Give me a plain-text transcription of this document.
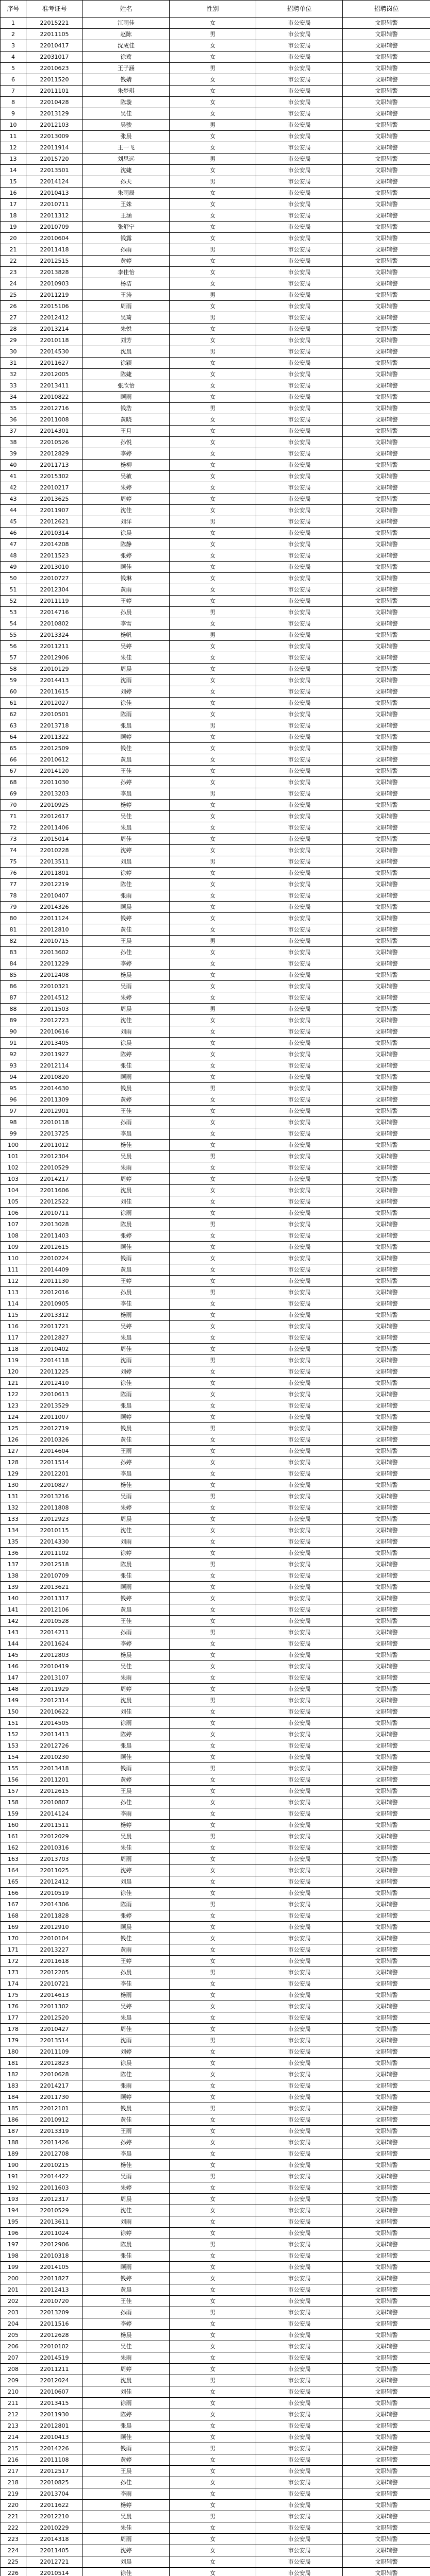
序号	准考证号	姓名	性别	招聘单位	招聘岗位
1	22015221	江雨佳	女	市公安局	文职辅警
2	22011105	赵陈	男	市公安局	文职辅警
3	22010417	沈成佳	女	市公安局	文职辅警
4	22031017	徐莺	女	市公安局	文职辅警
5	22010623	王子涵	男	市公安局	文职辅警
6	22011520	钱婧	女	市公安局	文职辅警
7	22011101	朱梦琪	女	市公安局	文职辅警
8	22010428	陈璇	女	市公安局	文职辅警
9	22013129	吴佳	女	市公安局	文职辅警
10	22012103	吴骏	男	市公安局	文职辅警
11	22013009	张晨	女	市公安局	文职辅警
12	22011914	王一飞	女	市公安局	文职辅警
13	22015720	刘思远	男	市公安局	文职辅警
14	22013501	沈婕	女	市公安局	文职辅警
15	22014124	孙天	男	市公安局	文职辅警
16	22010413	朱雨辰	女	市公安局	文职辅警
17	22010711	王姝	女	市公安局	文职辅警
18	22011312	王涵	女	市公安局	文职辅警
19	22010709	张舒宁	女	市公安局	文职辅警
20	22010604	钱露	女	市公安局	文职辅警
21	22011418	孙雨	男	市公安局	文职辅警
22	22012515	黄婷	女	市公安局	文职辅警
23	22013828	李佳怡	女	市公安局	文职辅警
24	22010903	杨洁	女	市公安局	文职辅警
25	22011219	王涛	男	市公安局	文职辅警
26	22015106	周雨	女	市公安局	文职辅警
27	22012412	吴琦	男	市公安局	文职辅警
28	22013214	朱悦	女	市公安局	文职辅警
29	22010118	刘芳	女	市公安局	文职辅警
30	22014530	沈晨	男	市公安局	文职辅警
31	22011627	徐颖	女	市公安局	文职辅警
32	22012005	陈婕	女	市公安局	文职辅警
33	22013411	张欣怡	女	市公安局	文职辅警
34	22010822	顾雨	女	市公安局	文职辅警
35	22012716	钱浩	男	市公安局	文职辅警
36	22011008	黄晓	女	市公安局	文职辅警
37	22014301	王月	女	市公安局	文职辅警
38	22010526	孙悦	女	市公安局	文职辅警
39	22012829	李婷	女	市公安局	文职辅警
40	22011713	杨柳	女	市公安局	文职辅警
41	22015302	吴敏	女	市公安局	文职辅警
42	22010217	朱婷	女	市公安局	文职辅警
43	22013625	周婷	女	市公安局	文职辅警
44	22011907	沈佳	女	市公安局	文职辅警
45	22012621	刘洋	男	市公安局	文职辅警
46	22010314	徐晨	女	市公安局	文职辅警
47	22014208	陈静	女	市公安局	文职辅警
48	22011523	张婷	女	市公安局	文职辅警
49	22013010	顾佳	女	市公安局	文职辅警
50	22010727	钱琳	女	市公安局	文职辅警
51	22012304	黄雨	女	市公安局	文职辅警
52	22011119	王婷	女	市公安局	文职辅警
53	22014716	孙晨	男	市公安局	文职辅警
54	22010802	李雪	女	市公安局	文职辅警
55	22013324	杨帆	男	市公安局	文职辅警
56	22011211	吴婷	女	市公安局	文职辅警
57	22012906	朱佳	女	市公安局	文职辅警
58	22010129	周晨	女	市公安局	文职辅警
59	22014413	沈雨	女	市公安局	文职辅警
60	22011615	刘婷	女	市公安局	文职辅警
61	22012027	徐佳	女	市公安局	文职辅警
62	22010501	陈雨	女	市公安局	文职辅警
63	22013718	张晨	男	市公安局	文职辅警
64	22011322	顾婷	女	市公安局	文职辅警
65	22012509	钱佳	女	市公安局	文职辅警
66	22010612	黄晨	女	市公安局	文职辅警
67	22014120	王佳	女	市公安局	文职辅警
68	22011030	孙婷	女	市公安局	文职辅警
69	22013203	李晨	男	市公安局	文职辅警
70	22010925	杨婷	女	市公安局	文职辅警
71	22012617	吴佳	女	市公安局	文职辅警
72	22011406	朱晨	女	市公安局	文职辅警
73	22015014	周佳	女	市公安局	文职辅警
74	22010228	沈婷	女	市公安局	文职辅警
75	22013511	刘晨	男	市公安局	文职辅警
76	22011801	徐婷	女	市公安局	文职辅警
77	22012219	陈佳	女	市公安局	文职辅警
78	22010407	张雨	女	市公安局	文职辅警
79	22014326	顾晨	女	市公安局	文职辅警
80	22011124	钱婷	女	市公安局	文职辅警
81	22012810	黄佳	女	市公安局	文职辅警
82	22010715	王晨	男	市公安局	文职辅警
83	22013602	孙佳	女	市公安局	文职辅警
84	22011229	李婷	女	市公安局	文职辅警
85	22012408	杨晨	女	市公安局	文职辅警
86	22010321	吴雨	女	市公安局	文职辅警
87	22014512	朱婷	女	市公安局	文职辅警
88	22011503	周晨	男	市公安局	文职辅警
89	22012723	沈佳	女	市公安局	文职辅警
90	22010616	刘雨	女	市公安局	文职辅警
91	22013405	徐晨	女	市公安局	文职辅警
92	22011927	陈婷	女	市公安局	文职辅警
93	22012114	张佳	女	市公安局	文职辅警
94	22010820	顾雨	女	市公安局	文职辅警
95	22014630	钱晨	男	市公安局	文职辅警
96	22011309	黄婷	女	市公安局	文职辅警
97	22012901	王佳	女	市公安局	文职辅警
98	22010118	孙雨	女	市公安局	文职辅警
99	22013725	李晨	女	市公安局	文职辅警
100	22011012	杨佳	女	市公安局	文职辅警
101	22012304	吴晨	男	市公安局	文职辅警
102	22010529	朱雨	女	市公安局	文职辅警
103	22014217	周婷	女	市公安局	文职辅警
104	22011606	沈晨	女	市公安局	文职辅警
105	22012522	刘佳	女	市公安局	文职辅警
106	22010711	徐雨	女	市公安局	文职辅警
107	22013028	陈晨	男	市公安局	文职辅警
108	22011403	张婷	女	市公安局	文职辅警
109	22012615	顾佳	女	市公安局	文职辅警
110	22010224	钱雨	女	市公安局	文职辅警
111	22014409	黄晨	女	市公安局	文职辅警
112	22011130	王婷	女	市公安局	文职辅警
113	22012016	孙晨	男	市公安局	文职辅警
114	22010905	李佳	女	市公安局	文职辅警
115	22013312	杨雨	女	市公安局	文职辅警
116	22011721	吴婷	女	市公安局	文职辅警
117	22012827	朱晨	女	市公安局	文职辅警
118	22010402	周佳	女	市公安局	文职辅警
119	22014118	沈雨	男	市公安局	文职辅警
120	22011225	刘婷	女	市公安局	文职辅警
121	22012410	徐佳	女	市公安局	文职辅警
122	22010613	陈雨	女	市公安局	文职辅警
123	22013529	张晨	女	市公安局	文职辅警
124	22011007	顾婷	女	市公安局	文职辅警
125	22012719	钱晨	男	市公安局	文职辅警
126	22010326	黄佳	女	市公安局	文职辅警
127	22014604	王雨	女	市公安局	文职辅警
128	22011514	孙婷	女	市公安局	文职辅警
129	22012201	李晨	女	市公安局	文职辅警
130	22010827	杨佳	女	市公安局	文职辅警
131	22013216	吴雨	男	市公安局	文职辅警
132	22011808	朱婷	女	市公安局	文职辅警
133	22012923	周晨	女	市公安局	文职辅警
134	22010115	沈佳	女	市公安局	文职辅警
135	22014330	刘雨	女	市公安局	文职辅警
136	22011102	徐婷	女	市公安局	文职辅警
137	22012518	陈晨	男	市公安局	文职辅警
138	22010709	张佳	女	市公安局	文职辅警
139	22013621	顾雨	女	市公安局	文职辅警
140	22011317	钱婷	女	市公安局	文职辅警
141	22012106	黄晨	女	市公安局	文职辅警
142	22010528	王佳	女	市公安局	文职辅警
143	22014211	孙雨	男	市公安局	文职辅警
144	22011624	李婷	女	市公安局	文职辅警
145	22012803	杨晨	女	市公安局	文职辅警
146	22010419	吴佳	女	市公安局	文职辅警
147	22013107	朱雨	女	市公安局	文职辅警
148	22011929	周婷	女	市公安局	文职辅警
149	22012314	沈晨	男	市公安局	文职辅警
150	22010622	刘佳	女	市公安局	文职辅警
151	22014505	徐雨	女	市公安局	文职辅警
152	22011413	陈婷	女	市公安局	文职辅警
153	22012726	张晨	女	市公安局	文职辅警
154	22010230	顾佳	女	市公安局	文职辅警
155	22013418	钱雨	男	市公安局	文职辅警
156	22011201	黄婷	女	市公安局	文职辅警
157	22012615	王晨	女	市公安局	文职辅警
158	22010807	孙佳	女	市公安局	文职辅警
159	22014124	李雨	女	市公安局	文职辅警
160	22011511	杨婷	女	市公安局	文职辅警
161	22012029	吴晨	男	市公安局	文职辅警
162	22010316	朱佳	女	市公安局	文职辅警
163	22013703	周雨	女	市公安局	文职辅警
164	22011025	沈婷	女	市公安局	文职辅警
165	22012412	刘晨	女	市公安局	文职辅警
166	22010519	徐佳	女	市公安局	文职辅警
167	22014306	陈雨	男	市公安局	文职辅警
168	22011828	张婷	女	市公安局	文职辅警
169	22012910	顾晨	女	市公安局	文职辅警
170	22010104	钱佳	女	市公安局	文职辅警
171	22013227	黄雨	女	市公安局	文职辅警
172	22011618	王婷	女	市公安局	文职辅警
173	22012205	孙晨	男	市公安局	文职辅警
174	22010721	李佳	女	市公安局	文职辅警
175	22014613	杨雨	女	市公安局	文职辅警
176	22011302	吴婷	女	市公安局	文职辅警
177	22012520	朱晨	女	市公安局	文职辅警
178	22010427	周佳	女	市公安局	文职辅警
179	22013514	沈雨	男	市公安局	文职辅警
180	22011109	刘婷	女	市公安局	文职辅警
181	22012823	徐晨	女	市公安局	文职辅警
182	22010628	陈佳	女	市公安局	文职辅警
183	22014217	张雨	女	市公安局	文职辅警
184	22011730	顾婷	女	市公安局	文职辅警
185	22012101	钱晨	男	市公安局	文职辅警
186	22010912	黄佳	女	市公安局	文职辅警
187	22013319	王雨	女	市公安局	文职辅警
188	22011426	孙婷	女	市公安局	文职辅警
189	22012708	李晨	女	市公安局	文职辅警
190	22010215	杨佳	女	市公安局	文职辅警
191	22014422	吴雨	男	市公安局	文职辅警
192	22011603	朱婷	女	市公安局	文职辅警
193	22012317	周晨	女	市公安局	文职辅警
194	22010529	沈佳	女	市公安局	文职辅警
195	22013611	刘雨	女	市公安局	文职辅警
196	22011024	徐婷	女	市公安局	文职辅警
197	22012906	陈晨	男	市公安局	文职辅警
198	22010318	张佳	女	市公安局	文职辅警
199	22014105	顾雨	女	市公安局	文职辅警
200	22011827	钱婷	女	市公安局	文职辅警
201	22012413	黄晨	女	市公安局	文职辅警
202	22010720	王佳	女	市公安局	文职辅警
203	22013209	孙雨	男	市公安局	文职辅警
204	22011516	李婷	女	市公安局	文职辅警
205	22012628	杨晨	女	市公安局	文职辅警
206	22010102	吴佳	女	市公安局	文职辅警
207	22014519	朱雨	女	市公安局	文职辅警
208	22011211	周婷	女	市公安局	文职辅警
209	22012024	沈晨	男	市公安局	文职辅警
210	22010607	刘佳	女	市公安局	文职辅警
211	22013415	徐雨	女	市公安局	文职辅警
212	22011930	陈婷	女	市公安局	文职辅警
213	22012801	张晨	女	市公安局	文职辅警
214	22010413	顾佳	女	市公安局	文职辅警
215	22014226	钱雨	男	市公安局	文职辅警
216	22011108	黄婷	女	市公安局	文职辅警
217	22012517	王晨	女	市公安局	文职辅警
218	22010825	孙佳	女	市公安局	文职辅警
219	22013704	李雨	女	市公安局	文职辅警
220	22011622	杨婷	女	市公安局	文职辅警
221	22012210	吴晨	男	市公安局	文职辅警
222	22010229	朱佳	女	市公安局	文职辅警
223	22014318	周雨	女	市公安局	文职辅警
224	22011405	沈婷	女	市公安局	文职辅警
225	22012721	刘晨	女	市公安局	文职辅警
226	22010514	徐佳	女	市公安局	文职辅警
